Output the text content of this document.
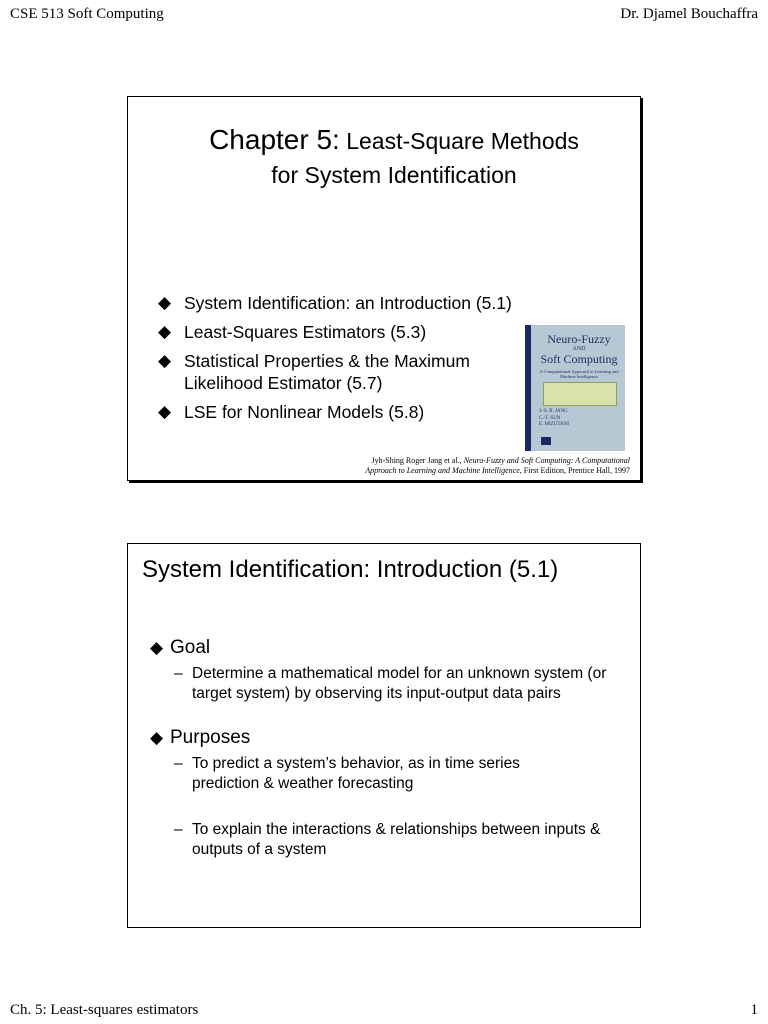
CSE 513 Soft Computing	Dr. Djamel Bouchaffra
Chapter 5: Least-Square Methods
for System Identification
◆ System Identification: an Introduction (5.1)
◆ Least-Squares Estimators (5.3)
◆ Statistical Properties & the Maximum Likelihood Estimator (5.7)
◆ LSE for Nonlinear Models (5.8)
Neuro-Fuzzy
AND
Soft Computing
A Computational Approach to Learning and Machine Intelligence
J.-S. R. JANG
C.-T. SUN
E. MIZUTANI
Jyh-Shing Roger Jang et al., Neuro-Fuzzy and Soft Computing: A Computational
Approach to Learning and Machine Intelligence, First Edition, Prentice Hall, 1997
System Identification: Introduction (5.1)
◆ Goal
– Determine a mathematical model for an unknown system (or target system) by observing its input-output data pairs
◆ Purposes
– To predict a system’s behavior, as in time series prediction & weather forecasting
– To explain the interactions & relationships between inputs & outputs of a system
Ch. 5: Least-squares estimators	1
